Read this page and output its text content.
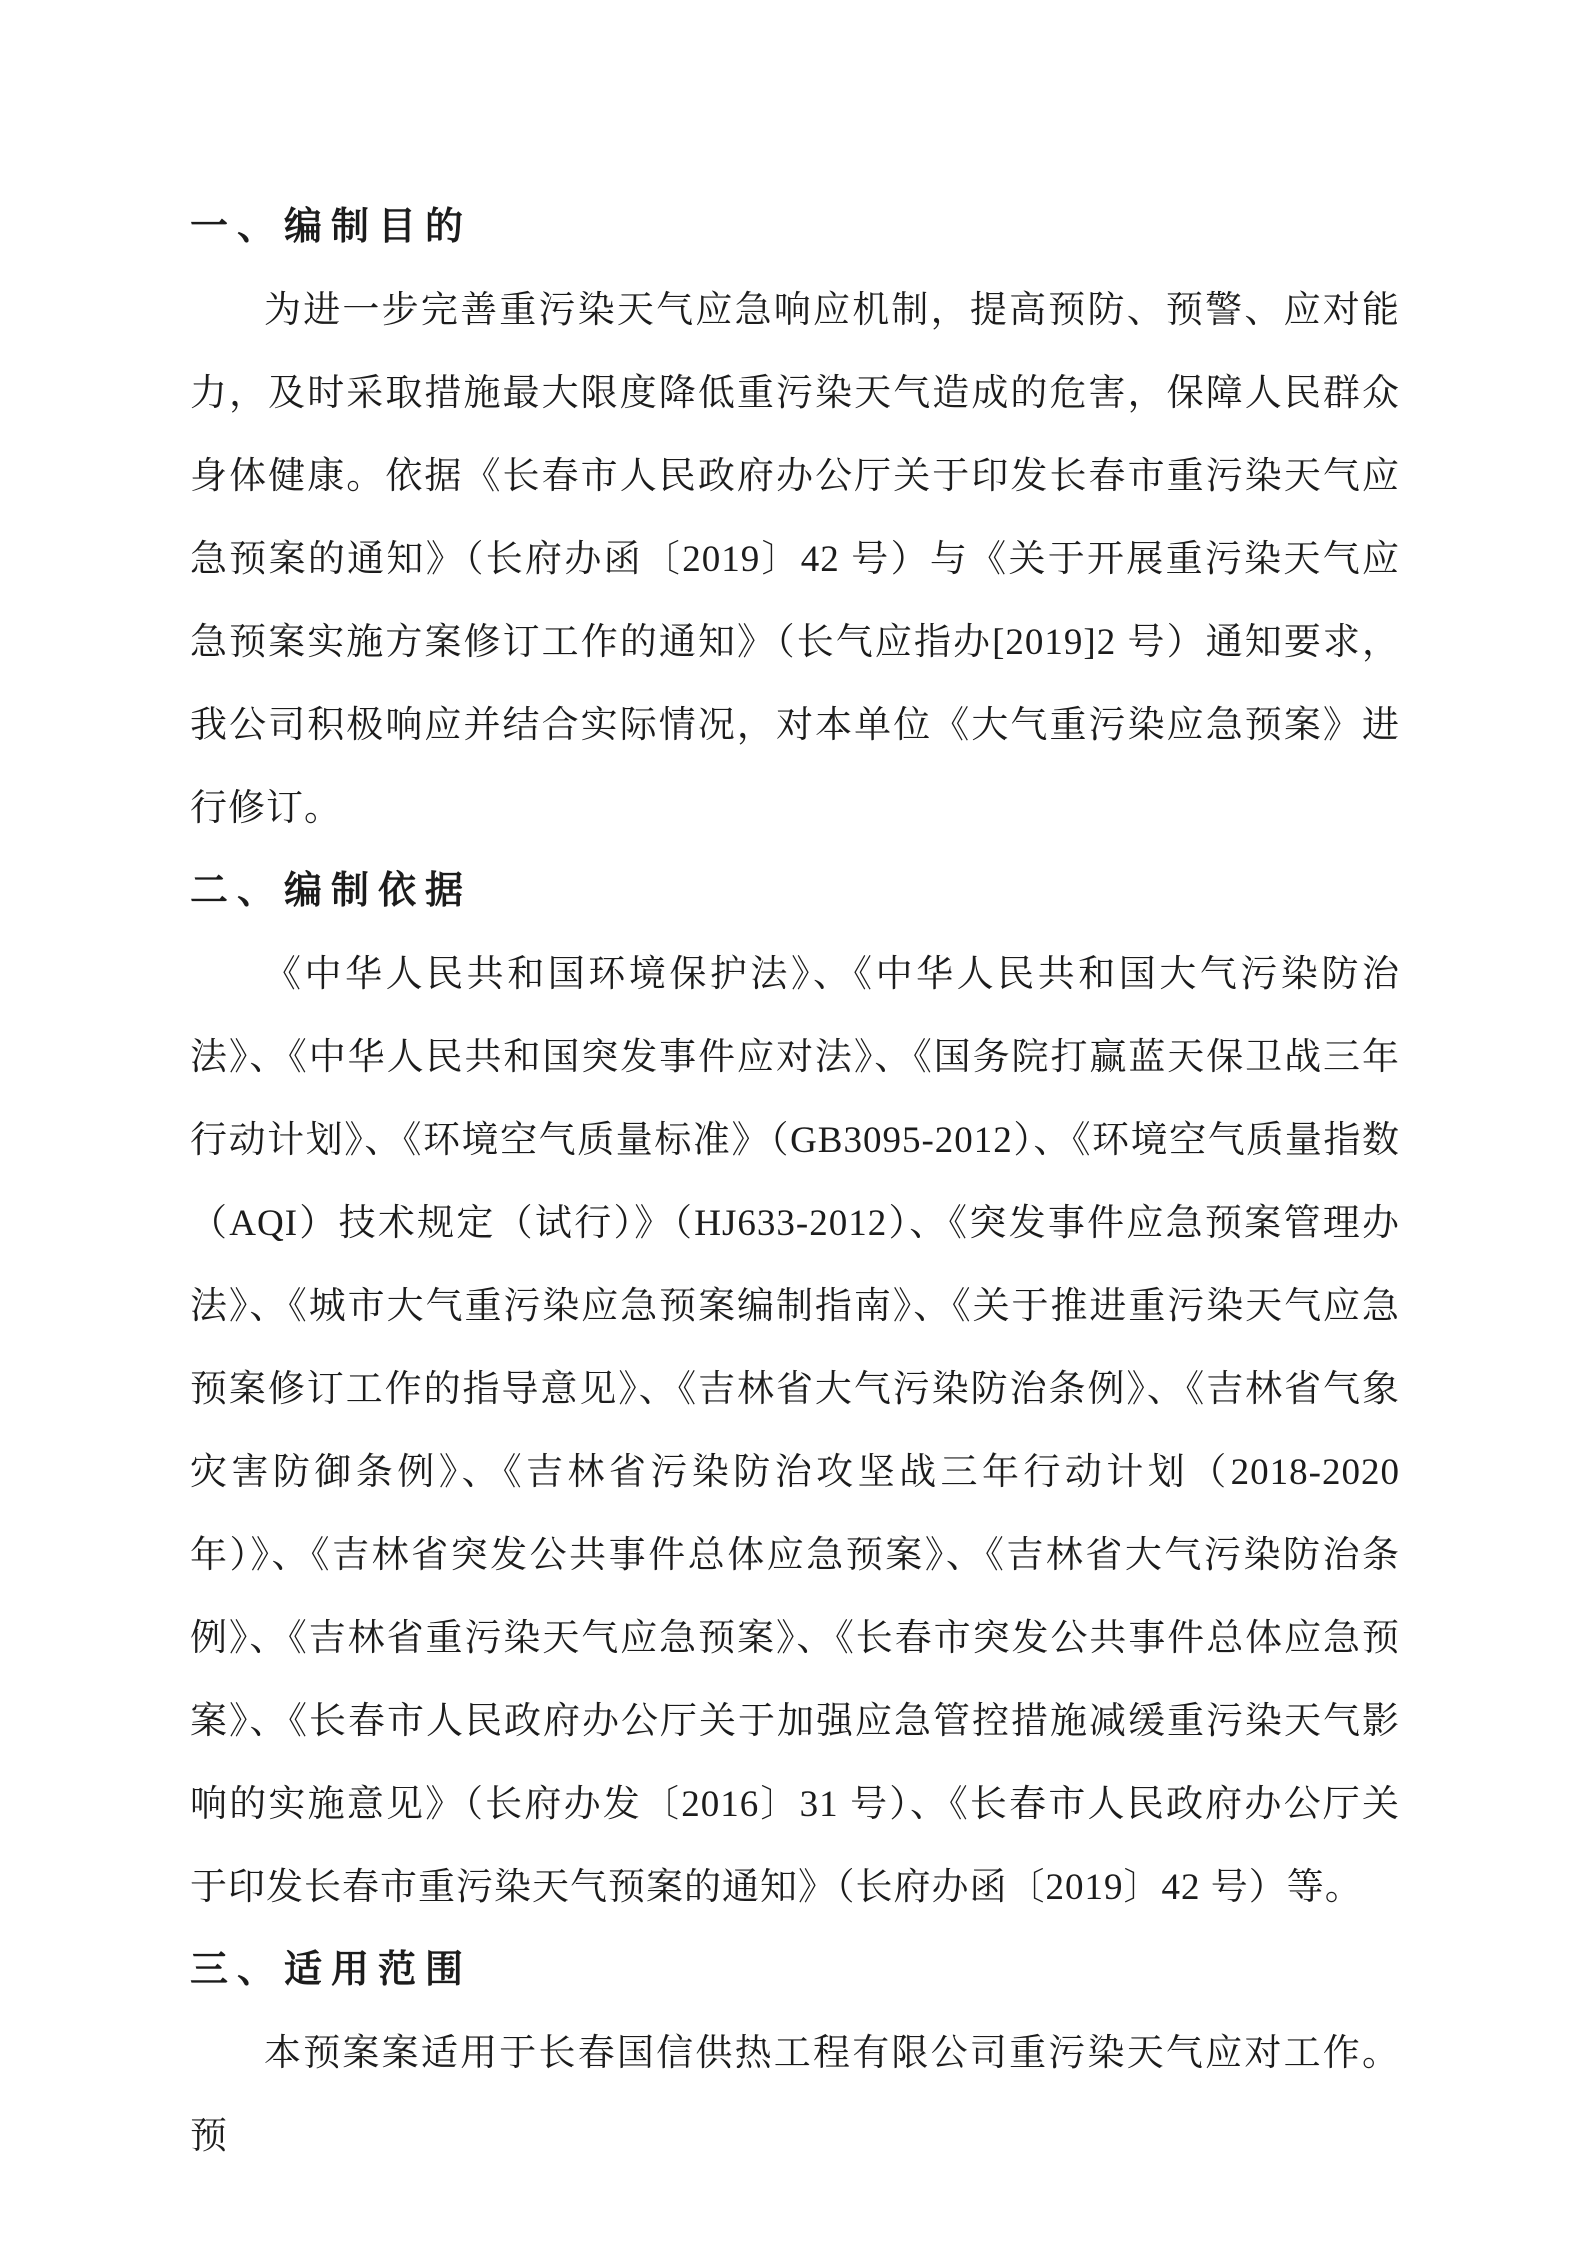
一、编制目的

为进一步完善重污染天气应急响应机制，提高预防、预警、应对能力，及时采取措施最大限度降低重污染天气造成的危害，保障人民群众身体健康。依据《长春市人民政府办公厅关于印发长春市重污染天气应急预案的通知》（长府办函〔2019〕42 号）与《关于开展重污染天气应急预案实施方案修订工作的通知》（长气应指办[2019]2 号）通知要求，我公司积极响应并结合实际情况，对本单位《大气重污染应急预案》进行修订。

二、编制依据

《中华人民共和国环境保护法》、《中华人民共和国大气污染防治法》、《中华人民共和国突发事件应对法》、《国务院打赢蓝天保卫战三年行动计划》、《环境空气质量标准》（GB3095-2012）、《环境空气质量指数（AQI）技术规定（试行）》（HJ633-2012）、《突发事件应急预案管理办法》、《城市大气重污染应急预案编制指南》、《关于推进重污染天气应急预案修订工作的指导意见》、《吉林省大气污染防治条例》、《吉林省气象灾害防御条例》、《吉林省污染防治攻坚战三年行动计划（2018-2020 年）》、《吉林省突发公共事件总体应急预案》、《吉林省大气污染防治条例》、《吉林省重污染天气应急预案》、《长春市突发公共事件总体应急预案》、《长春市人民政府办公厅关于加强应急管控措施减缓重污染天气影响的实施意见》（长府办发〔2016〕31 号）、《长春市人民政府办公厅关于印发长春市重污染天气预案的通知》（长府办函〔2019〕42 号）等。

三、适用范围

本预案案适用于长春国信供热工程有限公司重污染天气应对工作。预
